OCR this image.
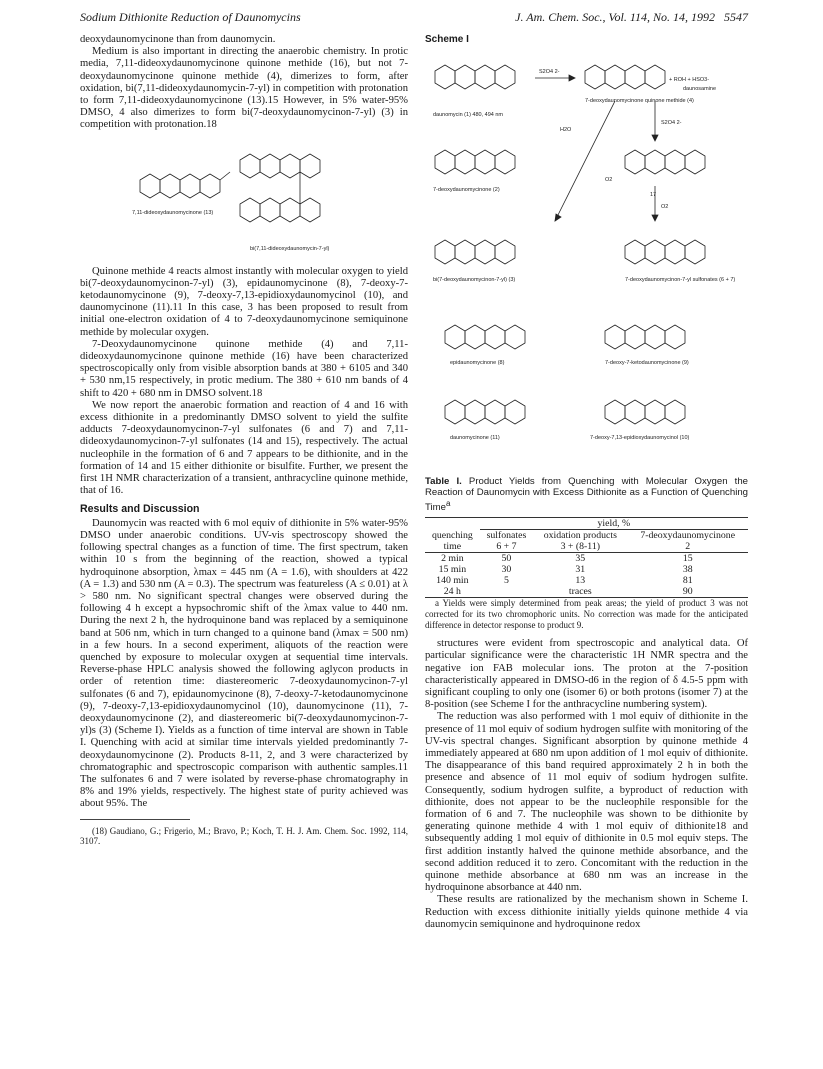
Sodium Dithionite Reduction of Daunomycins	J. Am. Chem. Soc., Vol. 114, No. 14, 1992 5547

deoxydaunomycinone than from daunomycin.

Medium is also important in directing the anaerobic chemistry. In protic media, 7,11-dideoxydaunomycinone quinone methide (16), but not 7-deoxydaunomycinone quinone methide (4), dimerizes to form, after oxidation, bi(7,11-dideoxydaunomycin-7-yl) in competition with protonation to form 7,11-dideoxydaunomycinone (13).15 However, in 5% water-95% DMSO, 4 also dimerizes to form bi(7-deoxydaunomycinon-7-yl) (3) in competition with protonation.18

7,11-dideoxydaunomycinone (13)
bi(7,11-dideoxydaunomycin-7-yl)

Quinone methide 4 reacts almost instantly with molecular oxygen to yield bi(7-deoxydaunomycinon-7-yl) (3), epidaunomycinone (8), 7-deoxy-7-ketodaunomycinone (9), 7-deoxy-7,13-epidioxydaunomycinol (10), and daunomycinone (11).11 In this case, 3 has been proposed to result from initial one-electron oxidation of 4 to 7-deoxydaunomycinone semiquinone methide by molecular oxygen.

7-Deoxydaunomycinone quinone methide (4) and 7,11-dideoxydaunomycinone quinone methide (16) have been characterized spectroscopically only from visible absorption bands at 380 + 6105 and 340 + 530 nm,15 respectively, in protic medium. The 380 + 610 nm bands of 4 shift to 420 + 680 nm in DMSO solvent.18

We now report the anaerobic formation and reaction of 4 and 16 with excess dithionite in a predominantly DMSO solvent to yield the sulfite adducts 7-deoxydaunomycinon-7-yl sulfonates (6 and 7) and 7,11-dideoxydaunomycinon-7-yl sulfonates (14 and 15), respectively. The actual nucleophile in the formation of 6 and 7 appears to be dithionite, and in the formation of 14 and 15 either dithionite or bisulfite. Further, we present the first 1H NMR characterization of a transient, anthracycline quinone methide, that of 16.

Results and Discussion

Daunomycin was reacted with 6 mol equiv of dithionite in 5% water-95% DMSO under anaerobic conditions. UV-vis spectroscopy showed the following spectral changes as a function of time. The first spectrum, taken within 10 s from the beginning of the reaction, showed a typical hydroquinone absorption, λmax = 445 nm (A = 1.6), with shoulders at 422 (A = 1.3) and 530 nm (A = 0.3). The spectrum was featureless (A ≤ 0.01) at λ > 580 nm. No significant spectral changes were observed during the following 4 h except a hypsochromic shift of the λmax value to 440 nm. During the next 2 h, the hydroquinone band was replaced by a semiquinone band at 506 nm, which in turn changed to a quinone band (λmax = 500 nm) in a few hours. In a second experiment, aliquots of the reaction were quenched by exposure to molecular oxygen at sequential time intervals. Reverse-phase HPLC analysis showed the following aglycon products in order of retention time: diastereomeric 7-deoxydaunomycinon-7-yl sulfonates (6 and 7), epidaunomycinone (8), 7-deoxy-7-ketodaunomycinone (9), 7-deoxy-7,13-epidioxydaunomycinol (10), daunomycinone (11), 7-deoxydaunomycinone (2), and diastereomeric bi(7-deoxydaunomycinon-7-yl)s (3) (Scheme I). Yields as a function of time interval are shown in Table I. Quenching with acid at similar time intervals yielded predominantly 7-deoxydaunomycinone (2). Products 8-11, 2, and 3 were characterized by chromatographic and spectroscopic comparison with authentic samples.11 The sulfonates 6 and 7 were isolated by reverse-phase chromatography in 8% and 19% yields, respectively. The highest state of purity achieved was about 95%. The

(18) Gaudiano, G.; Frigerio, M.; Bravo, P.; Koch, T. H. J. Am. Chem. Soc. 1992, 114, 3107.

Scheme I
S2O4 2-
+ ROH + HSO3-
daunosamine
daunomycin (1) 480, 494 nm
7-deoxydaunomycinone quinone methide (4)
S2O4 2-
H2O
O2
7-deoxydaunomycinone (2)
17
O2
bi(7-deoxydaunomycinon-7-yl) (3)	7-deoxydaunomycinon-7-yl sulfonates (6 + 7)
epidaunomycinone (8)	7-deoxy-7-ketodaunomycinone (9)
daunomycinone (11)	7-deoxy-7,13-epidioxydaunomycinol (10)
Table I. Product Yields from Quenching with Molecular Oxygen the Reaction of Daunomycin with Excess Dithionite as a Function of Quenching Time$^a$
	yield, %		
quenching	sulfonates	oxidation products	7-deoxydaunomycinone
time	6 + 7	3 + (8-11)	2
2 min	50	35	15
15 min	30	31	38
140 min	5	13	81
24 h		traces	90

a Yields were simply determined from peak areas; the yield of product 3 was not corrected for its two chromophoric units. No correction was made for the anticipated difference in detector response to product 9.

structures were evident from spectroscopic and analytical data. Of particular significance were the characteristic 1H NMR spectra and the negative ion FAB molecular ions. The proton at the 7-position characteristically appeared in DMSO-d6 in the region of δ 4.5-5 ppm with significant coupling to only one (isomer 6) or both protons (isomer 7) at the 8-position (see Scheme I for the anthracycline numbering system).

The reduction was also performed with 1 mol equiv of dithionite in the presence of 11 mol equiv of sodium hydrogen sulfite with monitoring of the UV-vis spectral changes. Significant absorption by quinone methide 4 immediately appeared at 680 nm upon addition of 1 mol equiv of dithionite. The disappearance of this band required approximately 2 h in both the presence and absence of 11 mol equiv of sodium hydrogen sulfite. Consequently, sodium hydrogen sulfite, a byproduct of reduction with dithionite, does not appear to be the nucleophile responsible for the formation of 6 and 7. The nucleophile was shown to be dithionite by generating quinone methide 4 with 1 mol equiv of dithionite18 and subsequently adding 1 mol equiv of dithionite in 0.5 mol equiv steps. The first addition instantly halved the quinone methide absorbance, and the second addition reduced it to zero. Concomitant with the reduction in the quinone methide absorbance at 680 nm was an increase in the hydroquinone absorbance at 440 nm.

These results are rationalized by the mechanism shown in Scheme I. Reduction with excess dithionite initially yields quinone methide 4 via daunomycin semiquinone and hydroquinone redox
